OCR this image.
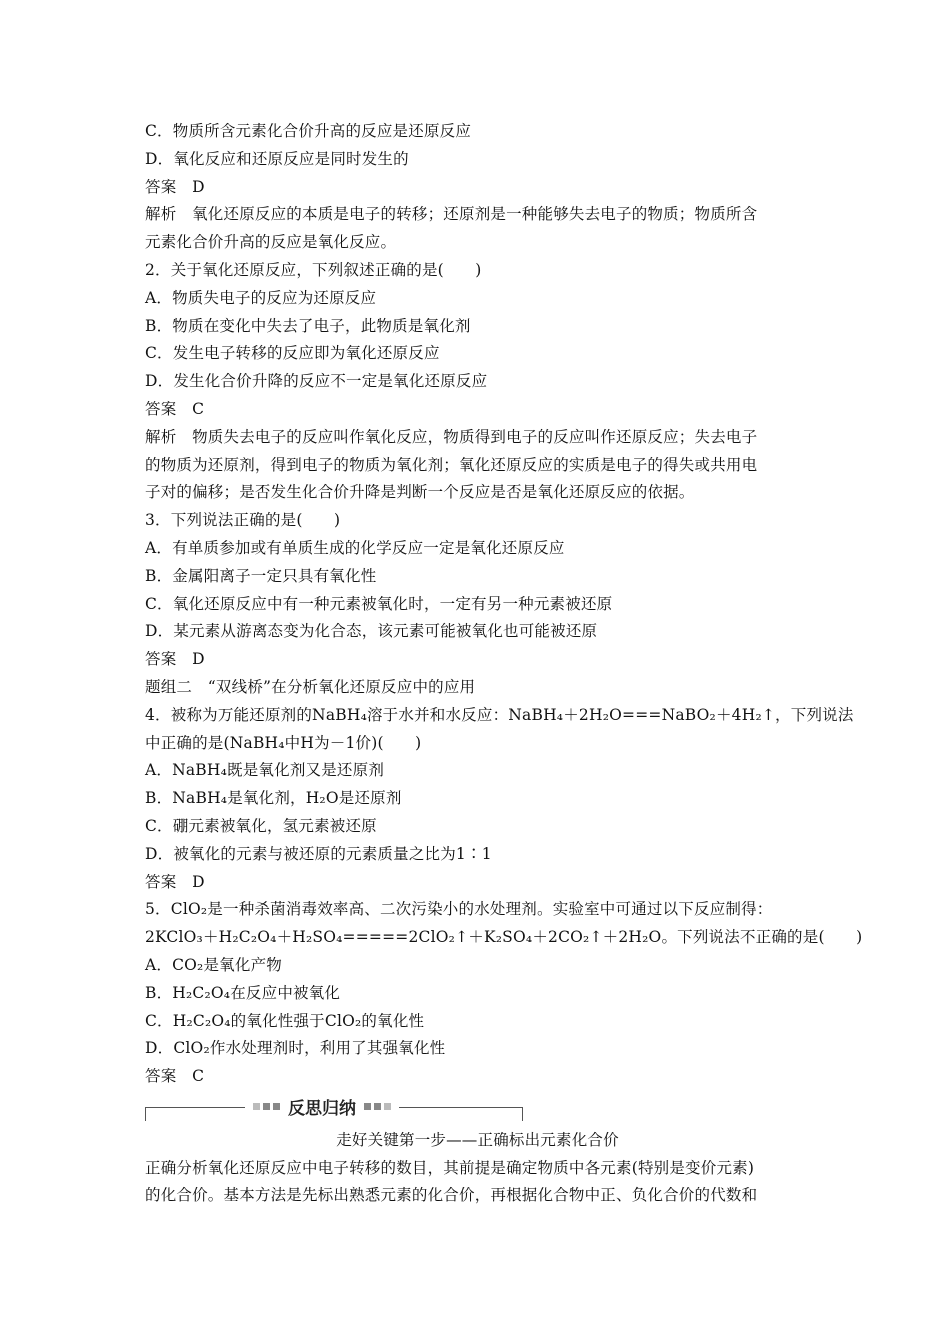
C．物质所含元素化合价升高的反应是还原反应
D．氧化反应和还原反应是同时发生的
答案　D
解析　氧化还原反应的本质是电子的转移；还原剂是一种能够失去电子的物质；物质所含
元素化合价升高的反应是氧化反应。
2．关于氧化还原反应，下列叙述正确的是(　　)
A．物质失电子的反应为还原反应
B．物质在变化中失去了电子，此物质是氧化剂
C．发生电子转移的反应即为氧化还原反应
D．发生化合价升降的反应不一定是氧化还原反应
答案　C
解析　物质失去电子的反应叫作氧化反应，物质得到电子的反应叫作还原反应；失去电子
的物质为还原剂，得到电子的物质为氧化剂；氧化还原反应的实质是电子的得失或共用电
子对的偏移；是否发生化合价升降是判断一个反应是否是氧化还原反应的依据。
3．下列说法正确的是(　　)
A．有单质参加或有单质生成的化学反应一定是氧化还原反应
B．金属阳离子一定只具有氧化性
C．氧化还原反应中有一种元素被氧化时，一定有另一种元素被还原
D．某元素从游离态变为化合态，该元素可能被氧化也可能被还原
答案　D
题组二　“双线桥”在分析氧化还原反应中的应用
4．被称为万能还原剂的NaBH₄溶于水并和水反应：NaBH₄＋2H₂O===NaBO₂＋4H₂↑，下列说法
中正确的是(NaBH₄中H为－1价)(　　)
A．NaBH₄既是氧化剂又是还原剂
B．NaBH₄是氧化剂，H₂O是还原剂
C．硼元素被氧化，氢元素被还原
D．被氧化的元素与被还原的元素质量之比为1∶1
答案　D
5．ClO₂是一种杀菌消毒效率高、二次污染小的水处理剂。实验室中可通过以下反应制得：
2KClO₃＋H₂C₂O₄＋H₂SO₄=====2ClO₂↑＋K₂SO₄＋2CO₂↑＋2H₂O。下列说法不正确的是(　　)
A．CO₂是氧化产物
B．H₂C₂O₄在反应中被氧化
C．H₂C₂O₄的氧化性强于ClO₂的氧化性
D．ClO₂作水处理剂时，利用了其强氧化性
答案　C
反思归纳
走好关键第一步——正确标出元素化合价
正确分析氧化还原反应中电子转移的数目，其前提是确定物质中各元素(特别是变价元素)
的化合价。基本方法是先标出熟悉元素的化合价，再根据化合物中正、负化合价的代数和
